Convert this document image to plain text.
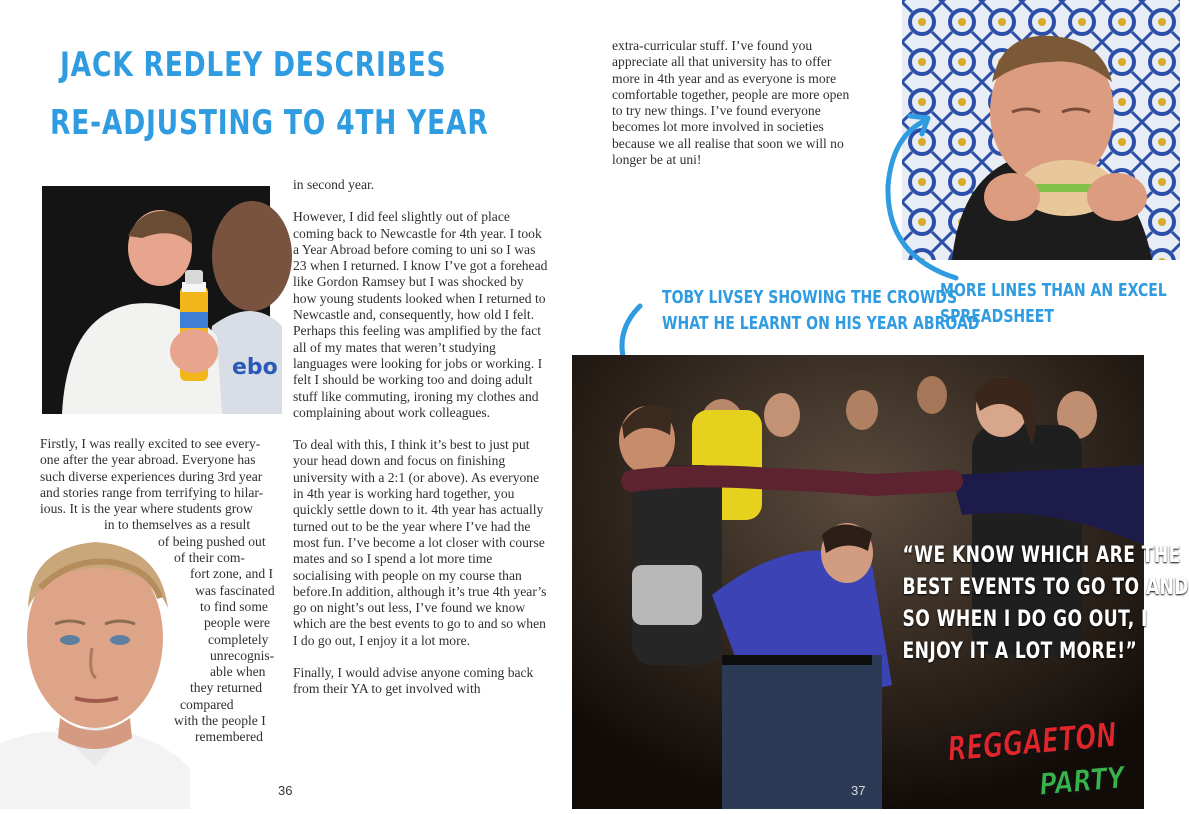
JACK REDLEY DESCRIBES
RE-ADJUSTING TO 4TH YEAR
ebo
Firstly, I was really excited to see every-
one after the year abroad. Everyone has
such diverse experiences during 3rd year
and stories range from terrifying to hilar-
ious. It is the year where students grow
in to themselves as a result
of being pushed out
of their com-
fort zone, and I
was fascinated
to find some
people were
completely
unrecognis-
able when
they returned
compared
with the people I
remembered
36

in second year.

However, I did feel slightly out of place coming back to Newcastle for 4th year. I took a Year Abroad before coming to uni so I was 23 when I returned. I know I’ve got a forehead like Gordon Ramsey but I was shocked by how young students looked when I returned to Newcastle and, consequently, how old I felt. Perhaps this feeling was amplified by the fact all of my mates that weren’t studying languages were looking for jobs or working. I felt I should be working too and doing adult stuff like commuting, ironing my clothes and complaining about work colleagues.

To deal with this, I think it’s best to just put your head down and focus on finishing university with a 2:1 (or above). As everyone in 4th year is working hard together, you quickly settle down to it. 4th year has actually turned out to be the year where I’ve had the most fun. I’ve become a lot closer with course mates and so I spend a lot more time socialising with people on my course than before.In addition, although it’s true 4th year’s go on night’s out less, I’ve found we know which are the best events to go to and so when I do go out, I enjoy it a lot more.

Finally, I would advise anyone coming back from their YA to get involved with

extra-curricular stuff. I’ve found you appreciate all that university has to offer more in 4th year and as everyone is more comfortable together, people are more open to try new things. I’ve found everyone becomes lot more involved in societies because we all realise that soon we will no longer be at uni!

TOBY LIVSEY SHOWING THE CROWDS
WHAT HE LEARNT ON HIS YEAR ABROAD
MORE LINES THAN AN EXCEL
SPREADSHEET
“WE KNOW WHICH ARE THE
BEST EVENTS TO GO TO AND
SO WHEN I DO GO OUT, I
ENJOY IT A LOT MORE!”
REGGAETON
PARTY
37
